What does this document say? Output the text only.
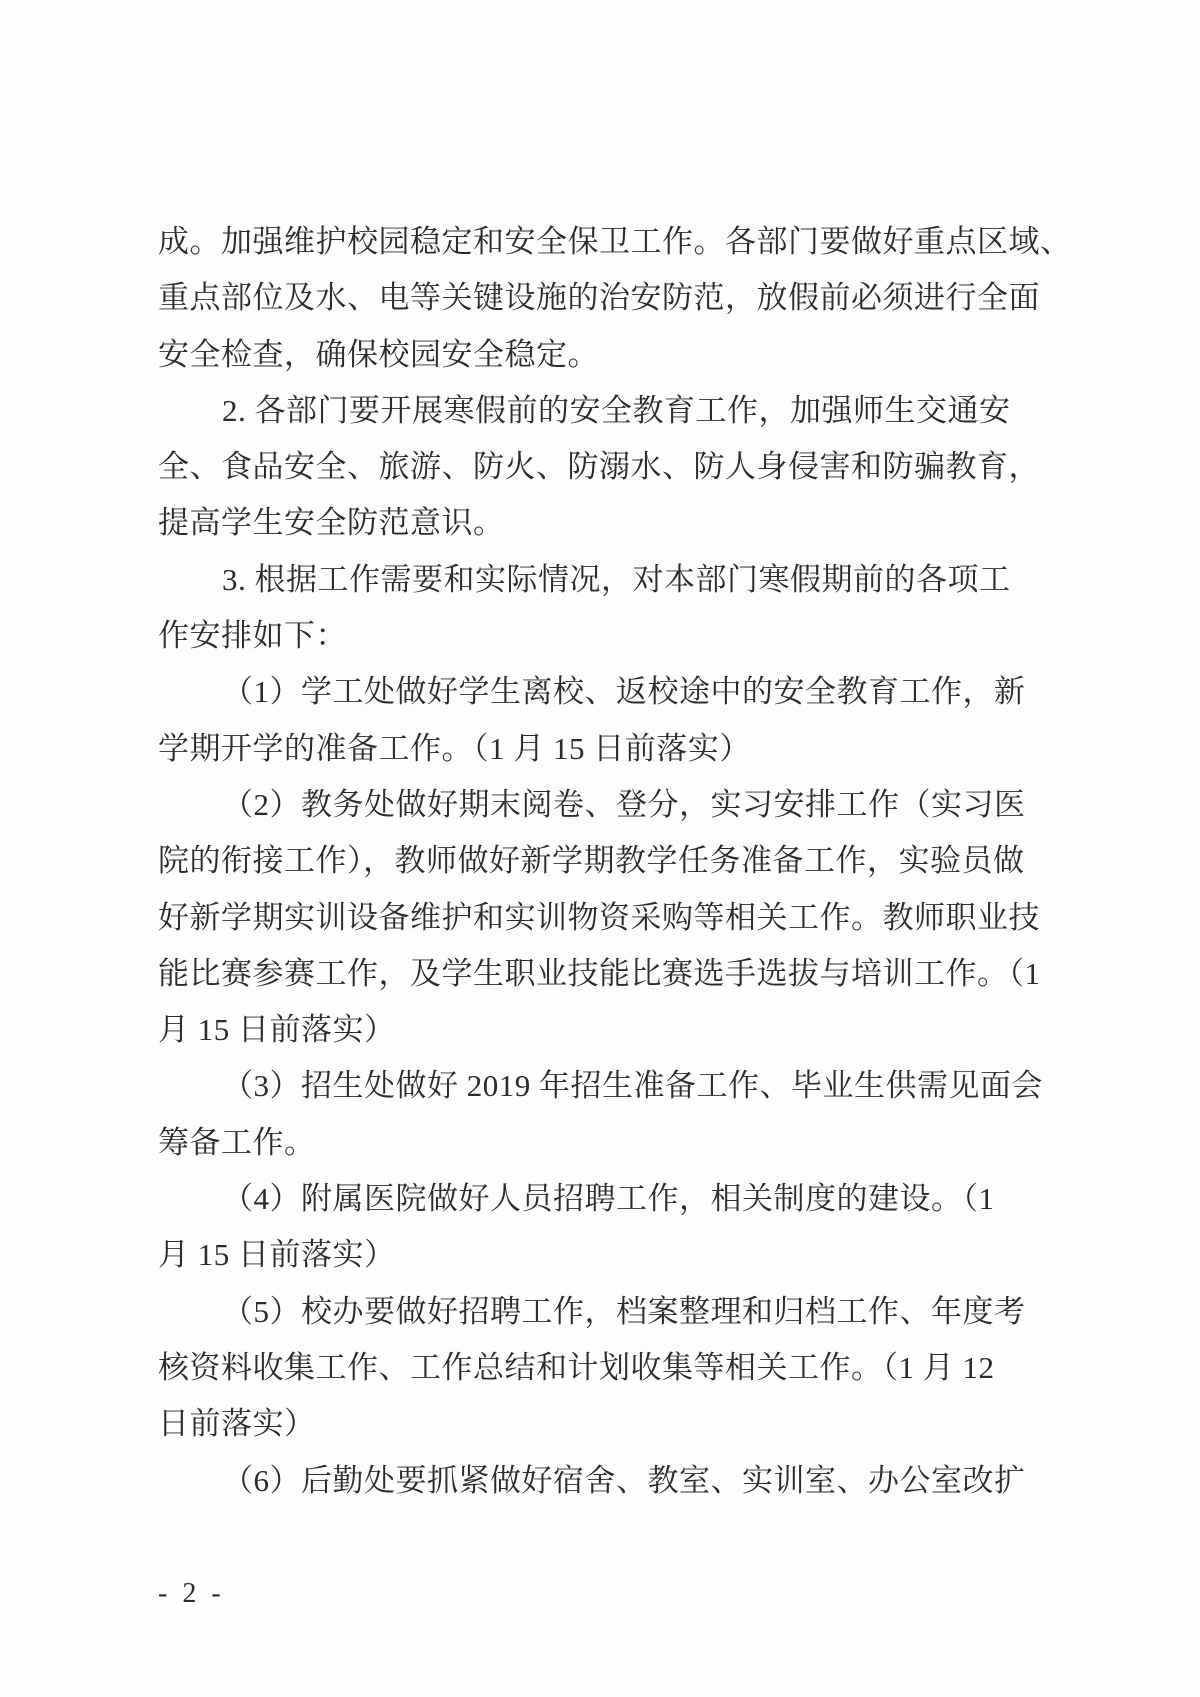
成。加强维护校园稳定和安全保卫工作。各部门要做好重点区域、
重点部位及水、电等关键设施的治安防范，放假前必须进行全面
安全检查，确保校园安全稳定。
2. 各部门要开展寒假前的安全教育工作，加强师生交通安
全、食品安全、旅游、防火、防溺水、防人身侵害和防骗教育，
提高学生安全防范意识。
3. 根据工作需要和实际情况，对本部门寒假期前的各项工
作安排如下：
（1）学工处做好学生离校、返校途中的安全教育工作，新
学期开学的准备工作。（1 月 15 日前落实）
（2）教务处做好期末阅卷、登分，实习安排工作（实习医
院的衔接工作），教师做好新学期教学任务准备工作，实验员做
好新学期实训设备维护和实训物资采购等相关工作。教师职业技
能比赛参赛工作，及学生职业技能比赛选手选拔与培训工作。（1
月 15 日前落实）
（3）招生处做好 2019 年招生准备工作、毕业生供需见面会
筹备工作。
（4）附属医院做好人员招聘工作，相关制度的建设。（1
月 15 日前落实）
（5）校办要做好招聘工作，档案整理和归档工作、年度考
核资料收集工作、工作总结和计划收集等相关工作。（1 月 12
日前落实）
（6）后勤处要抓紧做好宿舍、教室、实训室、办公室改扩
- 2 -
